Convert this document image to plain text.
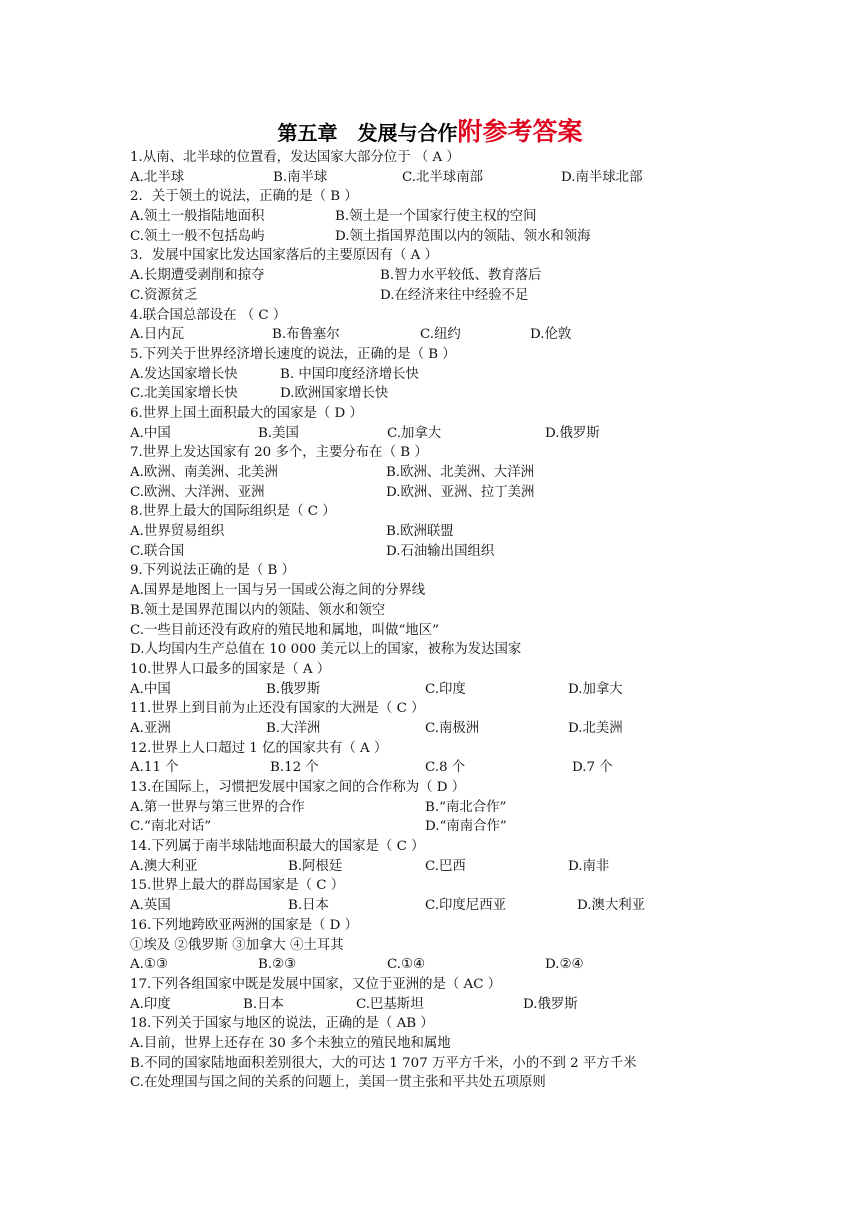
第五章 发展与合作附参考答案
1.从南、北半球的位置看，发达国家大部分位于 （ A ）
A.北半球	B.南半球	C.北半球南部	D.南半球北部
2．关于领土的说法，正确的是（ B ）
A.领土一般指陆地面积	B.领土是一个国家行使主权的空间
C.领土一般不包括岛屿	D.领土指国界范围以内的领陆、领水和领海
3．发展中国家比发达国家落后的主要原因有（ A ）
A.长期遭受剥削和掠夺	B.智力水平较低、教育落后
C.资源贫乏	D.在经济来往中经验不足
4.联合国总部设在 （ C ）
A.日内瓦	B.布鲁塞尔	C.纽约	D.伦敦
5.下列关于世界经济增长速度的说法，正确的是（ B ）
A.发达国家增长快	B. 中国印度经济增长快
C.北美国家增长快	D.欧洲国家增长快
6.世界上国土面积最大的国家是（ D ）
A.中国	B.美国	C.加拿大	D.俄罗斯
7.世界上发达国家有 20 多个，主要分布在（ B ）
A.欧洲、南美洲、北美洲	B.欧洲、北美洲、大洋洲
C.欧洲、大洋洲、亚洲	D.欧洲、亚洲、拉丁美洲
8.世界上最大的国际组织是（ C ）
A.世界贸易组织	B.欧洲联盟
C.联合国	D.石油输出国组织
9.下列说法正确的是（ B ）
A.国界是地图上一国与另一国或公海之间的分界线
B.领土是国界范围以内的领陆、领水和领空
C.一些目前还没有政府的殖民地和属地，叫做“地区”
D.人均国内生产总值在 10 000 美元以上的国家，被称为发达国家
10.世界人口最多的国家是（ A ）
A.中国	B.俄罗斯	C.印度	D.加拿大
11.世界上到目前为止还没有国家的大洲是（ C ）
A.亚洲	B.大洋洲	C.南极洲	D.北美洲
12.世界上人口超过 1 亿的国家共有（ A ）
A.11 个	B.12 个	C.8 个	D.7 个
13.在国际上，习惯把发展中国家之间的合作称为（ D ）
A.第一世界与第三世界的合作	B.“南北合作”
C.“南北对话”	D.“南南合作”
14.下列属于南半球陆地面积最大的国家是（ C ）
A.澳大利亚	B.阿根廷	C.巴西	D.南非
15.世界上最大的群岛国家是（ C ）
A.英国	B.日本	C.印度尼西亚	D.澳大利亚
16.下列地跨欧亚两洲的国家是（ D ）
①埃及 ②俄罗斯 ③加拿大 ④土耳其
A.①③	B.②③	C.①④	D.②④
17.下列各组国家中既是发展中国家，又位于亚洲的是（ AC ）
A.印度	B.日本	C.巴基斯坦	D.俄罗斯
18.下列关于国家与地区的说法，正确的是（ AB ）
A.目前，世界上还存在 30 多个未独立的殖民地和属地
B.不同的国家陆地面积差别很大，大的可达 1 707 万平方千米，小的不到 2 平方千米
C.在处理国与国之间的关系的问题上，美国一贯主张和平共处五项原则
